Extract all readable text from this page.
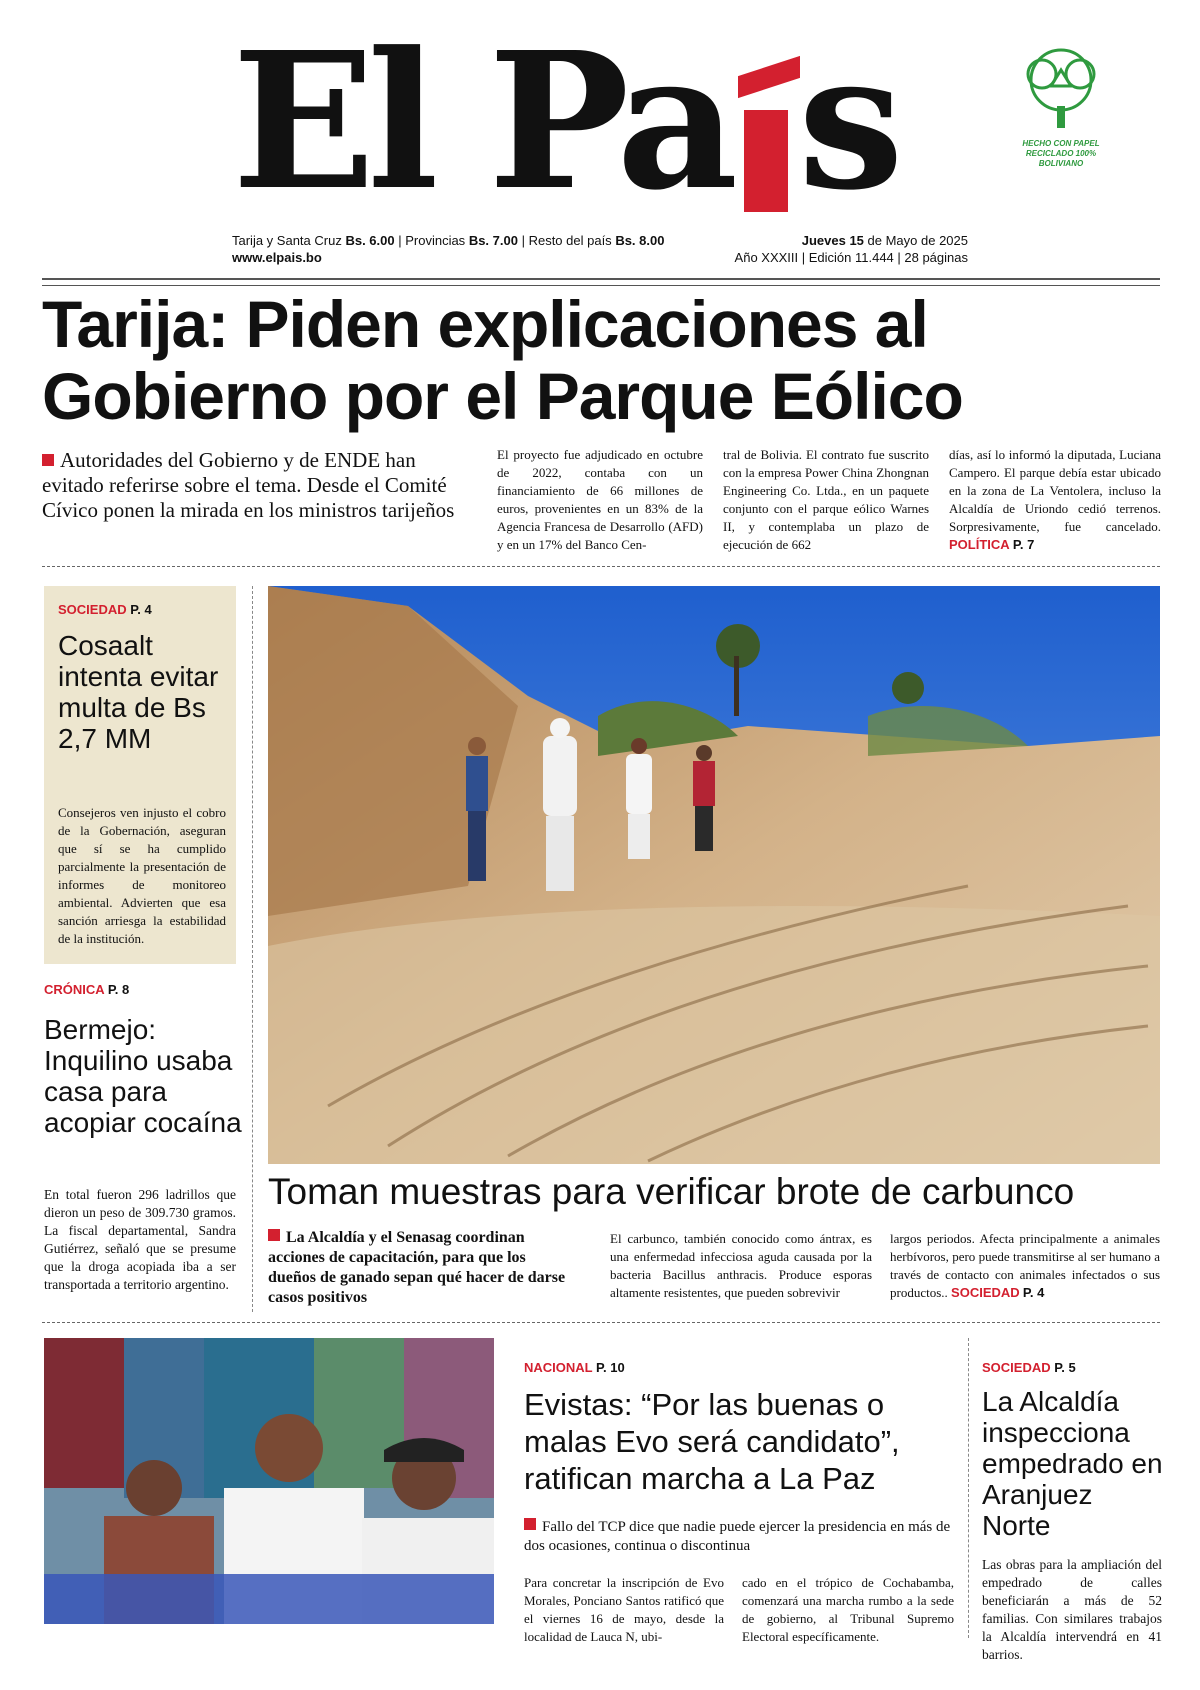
El Pa s	HECHO CON PAPEL RECICLADO 100% BOLIVIANO
Tarija y Santa Cruz Bs. 6.00 | Provincias Bs. 7.00 | Resto del país Bs. 8.00
www.elpais.bo
Jueves 15 de Mayo de 2025
Año XXXIII | Edición 11.444 | 28 páginas
Tarija: Piden explicaciones al
Gobierno por el Parque Eólico
Autoridades del Gobierno y de ENDE han evitado referirse sobre el tema. Desde el Comité Cívico ponen la mirada en los ministros tarijeños
El proyecto fue adjudicado en octubre de 2022, contaba con un financiamiento de 66 millones de euros, provenientes en un 83% de la Agencia Francesa de Desarrollo (AFD) y en un 17% del Banco Cen-
tral de Bolivia. El contrato fue suscrito con la empresa Power China Zhongnan Engineering Co. Ltda., en un paquete conjunto con el parque eólico Warnes II, y contemplaba un plazo de ejecución de 662
días, así lo informó la diputada, Luciana Campero. El parque debía estar ubicado en la zona de La Ventolera, incluso la Alcaldía de Uriondo cedió terrenos. Sorpresivamente, fue cancelado. POLÍTICA P. 7
SOCIEDAD P. 4
Cosaalt intenta evitar multa de Bs 2,7 MM
Consejeros ven injusto el cobro de la Gobernación, aseguran que sí se ha cumplido parcialmente la presentación de informes de monitoreo ambiental. Advierten que esa sanción arriesga la estabilidad de la institución.
CRÓNICA P. 8
Bermejo: Inquilino usaba casa para acopiar cocaína
En total fueron 296 ladrillos que dieron un peso de 309.730 gramos. La fiscal departamental, Sandra Gutiérrez, señaló que se presume que la droga acopiada iba a ser transportada a territorio argentino.
Toman muestras para verificar brote de carbunco
La Alcaldía y el Senasag coordinan acciones de capacitación, para que los dueños de ganado sepan qué hacer de darse casos positivos
El carbunco, también conocido como ántrax, es una enfermedad infecciosa aguda causada por la bacteria Bacillus anthracis. Produce esporas altamente resistentes, que pueden sobrevivir
largos periodos. Afecta principalmente a animales herbívoros, pero puede transmitirse al ser humano a través de contacto con animales infectados o sus productos.. SOCIEDAD P. 4
NACIONAL P. 10
Evistas: “Por las buenas o malas Evo será candidato”, ratifican marcha a La Paz
Fallo del TCP dice que nadie puede ejercer la presidencia en más de dos ocasiones, continua o discontinua
Para concretar la inscripción de Evo Morales, Ponciano Santos ratificó que el viernes 16 de mayo, desde la localidad de Lauca N, ubi-
cado en el trópico de Cochabamba, comenzará una marcha rumbo a la sede de gobierno, al Tribunal Supremo Electoral específicamente.
SOCIEDAD P. 5
La Alcaldía inspecciona empedrado en Aranjuez Norte
Las obras para la ampliación del empedrado de calles beneficiarán a más de 52 familias. Con similares trabajos la Alcaldía intervendrá en 41 barrios.
